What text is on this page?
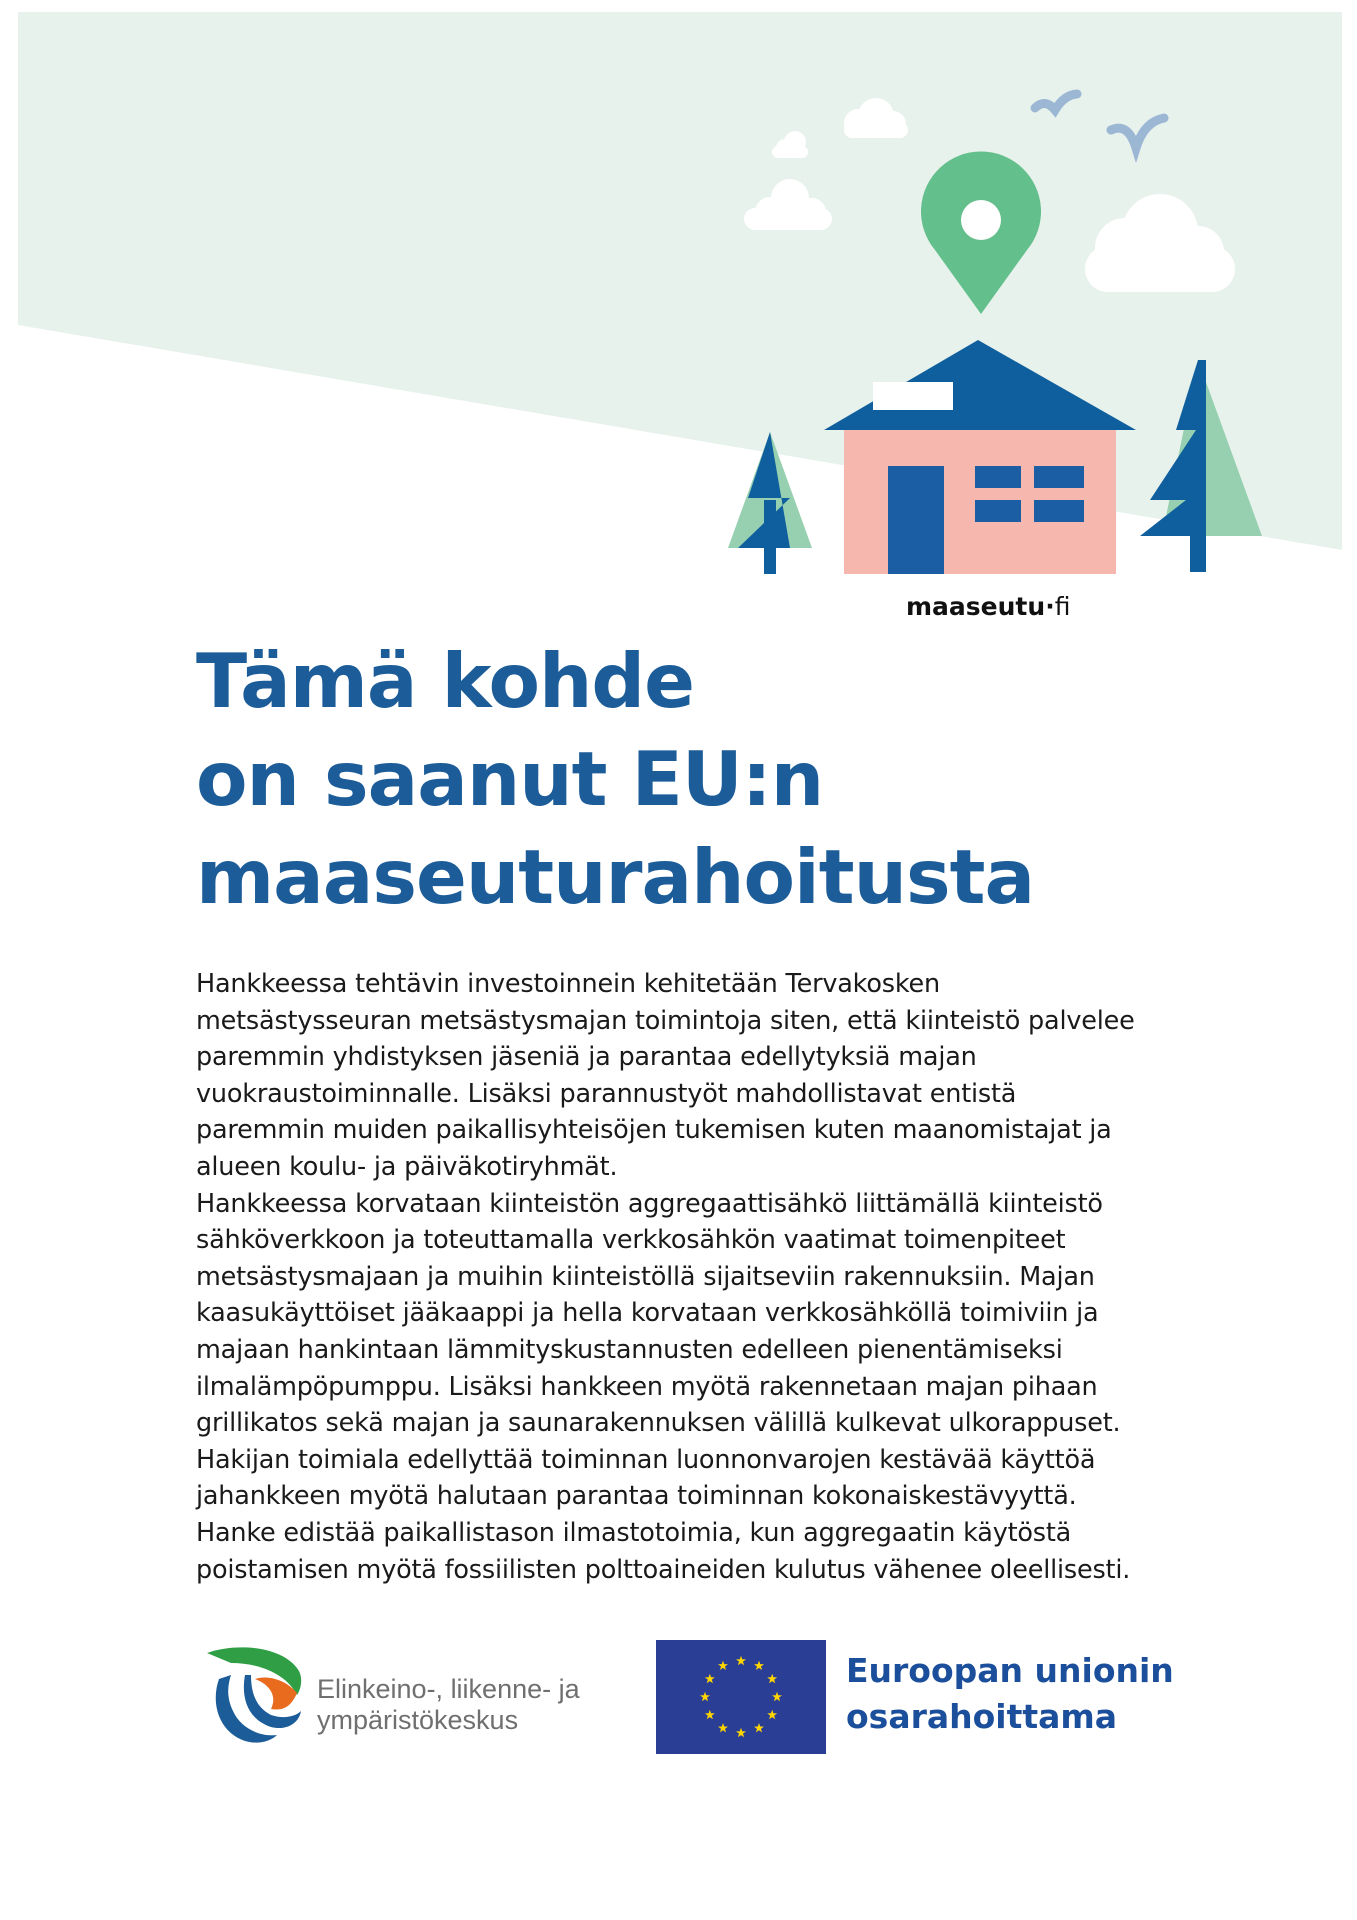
maaseutu·fi
Tämä kohde
on saanut EU:n
maaseuturahoitusta
Hankkeessa tehtävin investoinnein kehitetään Tervakosken
metsästysseuran metsästysmajan toimintoja siten, että kiinteistö palvelee
paremmin yhdistyksen jäseniä ja parantaa edellytyksiä majan
vuokraustoiminnalle. Lisäksi parannustyöt mahdollistavat entistä
paremmin muiden paikallisyhteisöjen tukemisen kuten maanomistajat ja
alueen koulu- ja päiväkotiryhmät.
Hankkeessa korvataan kiinteistön aggregaattisähkö liittämällä kiinteistö
sähköverkkoon ja toteuttamalla verkkosähkön vaatimat toimenpiteet
metsästysmajaan ja muihin kiinteistöllä sijaitseviin rakennuksiin. Majan
kaasukäyttöiset jääkaappi ja hella korvataan verkkosähköllä toimiviin ja
majaan hankintaan lämmityskustannusten edelleen pienentämiseksi
ilmalämpöpumppu. Lisäksi hankkeen myötä rakennetaan majan pihaan
grillikatos sekä majan ja saunarakennuksen välillä kulkevat ulkorappuset.
Hakijan toimiala edellyttää toiminnan luonnonvarojen kestävää käyttöä
jahankkeen myötä halutaan parantaa toiminnan kokonaiskestävyyttä.
Hanke edistää paikallistason ilmastotoimia, kun aggregaatin käytöstä
poistamisen myötä fossiilisten polttoaineiden kulutus vähenee oleellisesti.
Elinkeino-, liikenne- ja
ympäristökeskus
Euroopan unionin
osarahoittama
